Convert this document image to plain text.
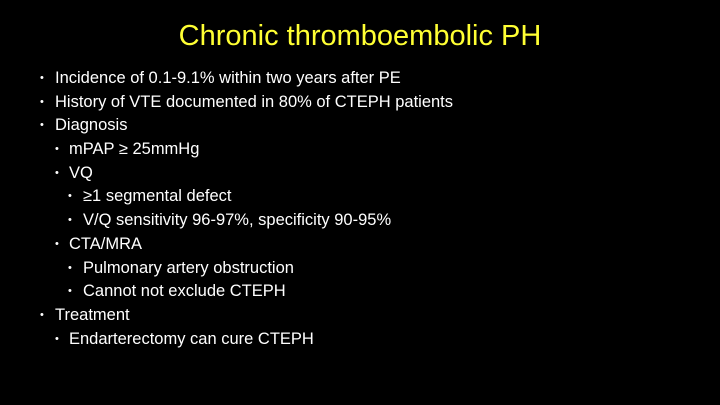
Chronic thromboembolic PH
• Incidence of 0.1-9.1% within two years after PE
• History of VTE documented in 80% of CTEPH patients
• Diagnosis
• mPAP ≥ 25mmHg
• VQ
• ≥1 segmental defect
• V/Q sensitivity 96-97%, specificity 90-95%
• CTA/MRA
• Pulmonary artery obstruction
• Cannot not exclude CTEPH
• Treatment
• Endarterectomy can cure CTEPH
